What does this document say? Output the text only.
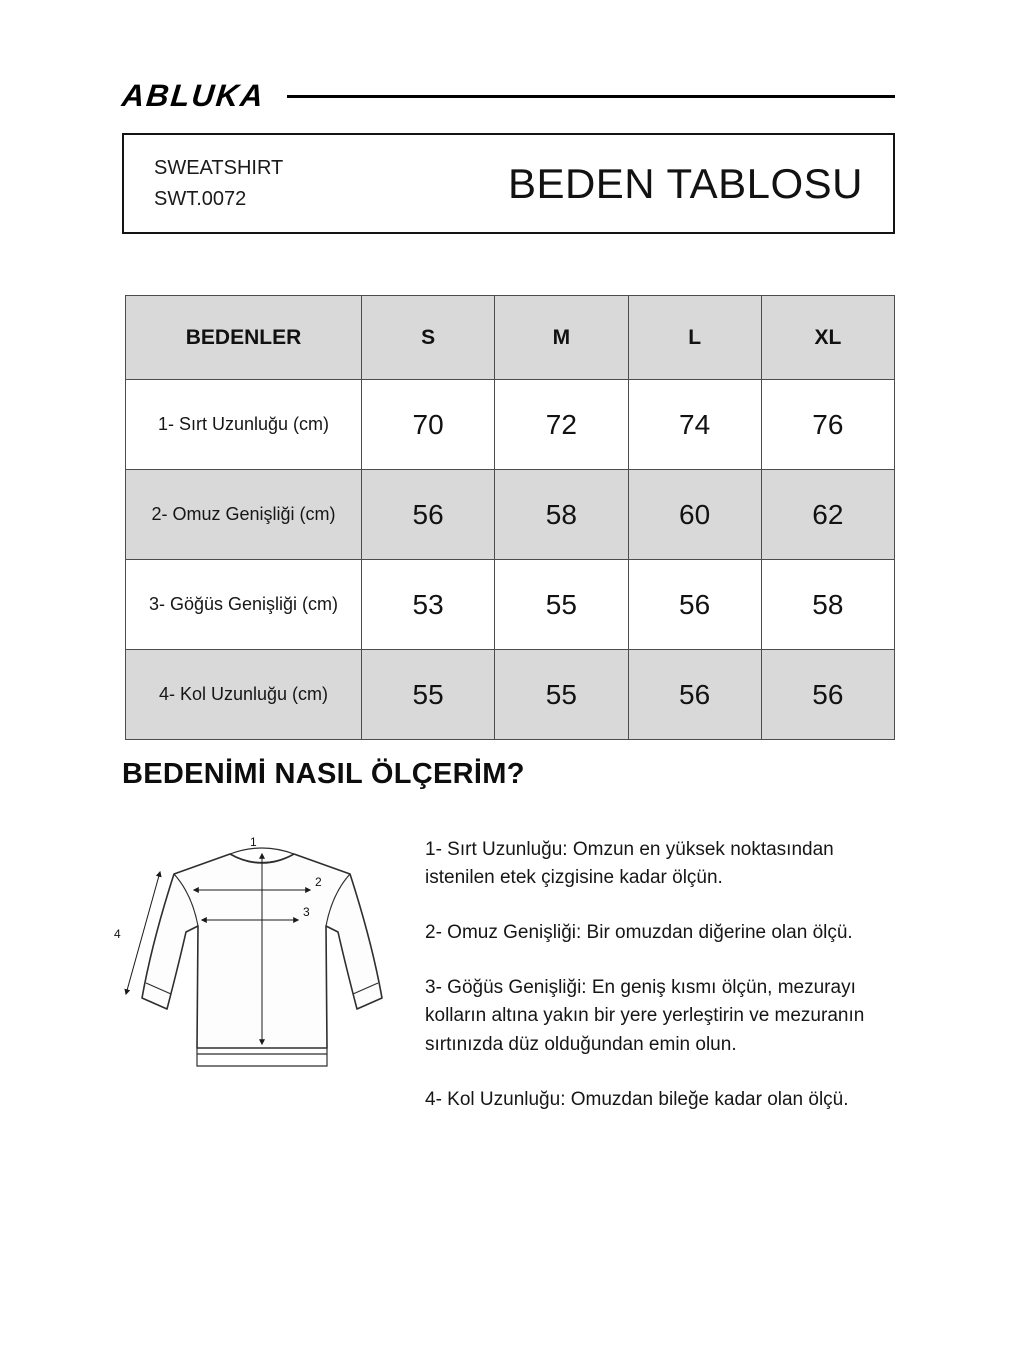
ABLUKA
SWEATSHIRT
SWT.0072	BEDEN TABLOSU
BEDENLER	S	M	L	XL
1- Sırt Uzunluğu (cm)	70	72	74	76
2- Omuz Genişliği (cm)	56	58	60	62
3- Göğüs Genişliği (cm)	53	55	56	58
4- Kol Uzunluğu (cm)	55	55	56	56
BEDENİMİ NASIL ÖLÇERİM?
1
2
3
4

1- Sırt Uzunluğu: Omzun en yüksek noktasından istenilen etek çizgisine kadar ölçün.

2- Omuz Genişliği: Bir omuzdan diğerine olan ölçü.

3- Göğüs Genişliği: En geniş kısmı ölçün, mezurayı kolların altına yakın bir yere yerleştirin ve mezuranın sırtınızda düz olduğundan emin olun.

4- Kol Uzunluğu: Omuzdan bileğe kadar olan ölçü.
